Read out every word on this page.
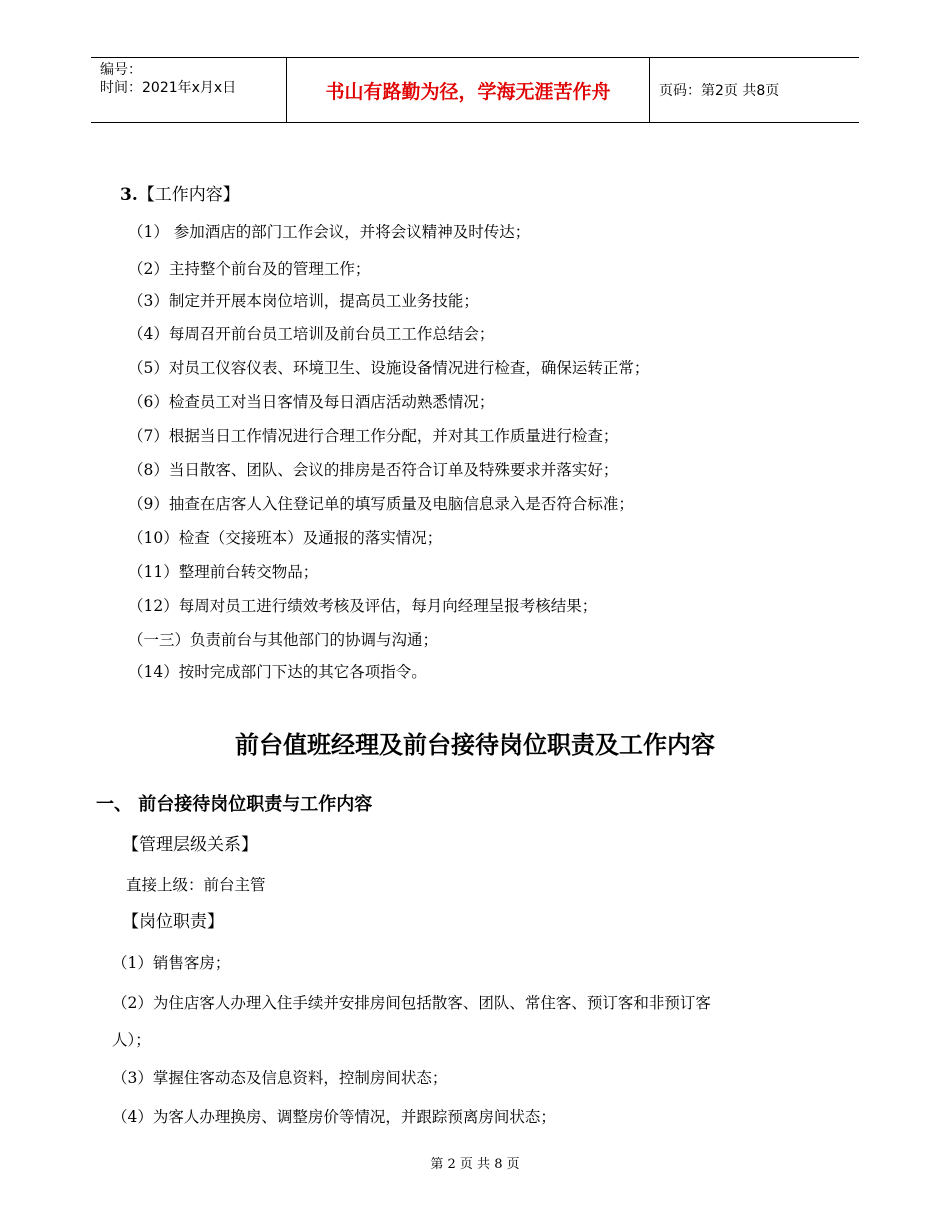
编号：
时间：2021年x月x日	书山有路勤为径，学海无涯苦作舟	页码：第2页 共8页
3.【工作内容】
（1） 参加酒店的部门工作会议，并将会议精神及时传达；
（2）主持整个前台及的管理工作；
（3）制定并开展本岗位培训，提高员工业务技能；
（4）每周召开前台员工培训及前台员工工作总结会；
（5）对员工仪容仪表、环境卫生、设施设备情况进行检查，确保运转正常；
（6）检查员工对当日客情及每日酒店活动熟悉情况；
（7）根据当日工作情况进行合理工作分配，并对其工作质量进行检查；
（8）当日散客、团队、会议的排房是否符合订单及特殊要求并落实好；
（9）抽查在店客人入住登记单的填写质量及电脑信息录入是否符合标准；
（10）检查（交接班本）及通报的落实情况；
（11）整理前台转交物品；
（12）每周对员工进行绩效考核及评估，每月向经理呈报考核结果；
（一三）负责前台与其他部门的协调与沟通；
（14）按时完成部门下达的其它各项指令。
前台值班经理及前台接待岗位职责及工作内容
一、 前台接待岗位职责与工作内容
【管理层级关系】
直接上级：前台主管
【岗位职责】
（1）销售客房；
（2）为住店客人办理入住手续并安排房间包括散客、团队、常住客、预订客和非预订客
人）；
（3）掌握住客动态及信息资料，控制房间状态；
（4）为客人办理换房、调整房价等情况，并跟踪预离房间状态；
第 2 页 共 8 页
